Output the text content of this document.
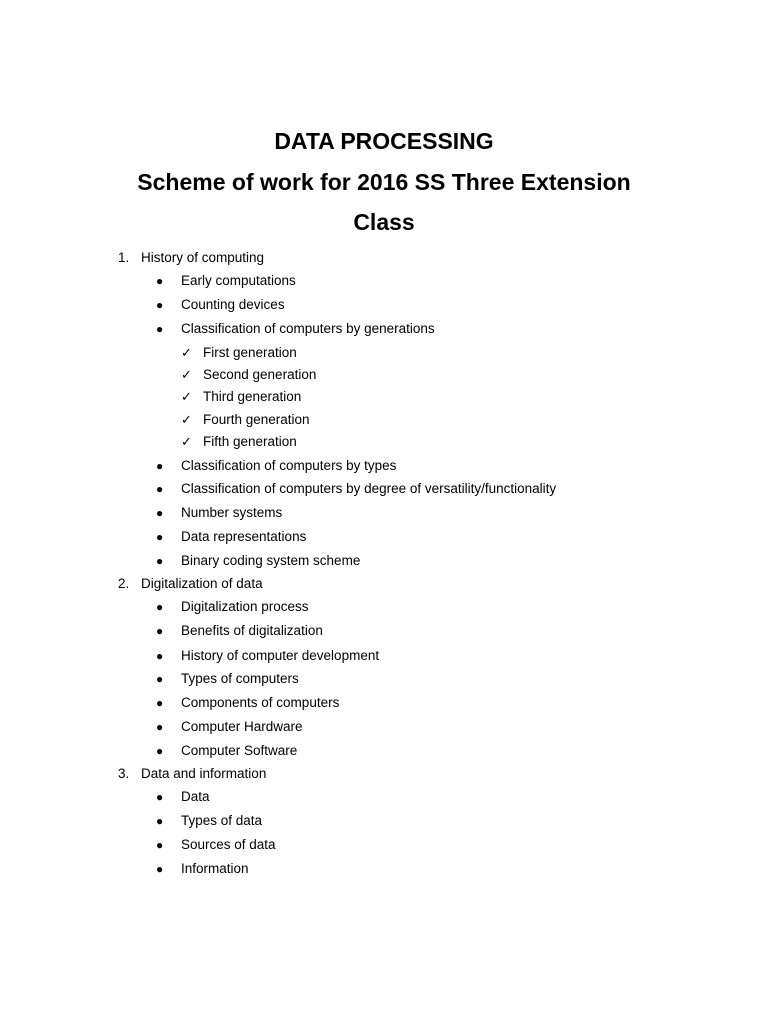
DATA PROCESSING
Scheme of work for 2016 SS Three Extension
Class
1. History of computing
● Early computations
● Counting devices
● Classification of computers by generations
✓ First generation
✓ Second generation
✓ Third generation
✓ Fourth generation
✓ Fifth generation
● Classification of computers by types
● Classification of computers by degree of versatility/functionality
● Number systems
● Data representations
● Binary coding system scheme
2. Digitalization of data
● Digitalization process
● Benefits of digitalization
● History of computer development
● Types of computers
● Components of computers
● Computer Hardware
● Computer Software
3. Data and information
● Data
● Types of data
● Sources of data
● Information
